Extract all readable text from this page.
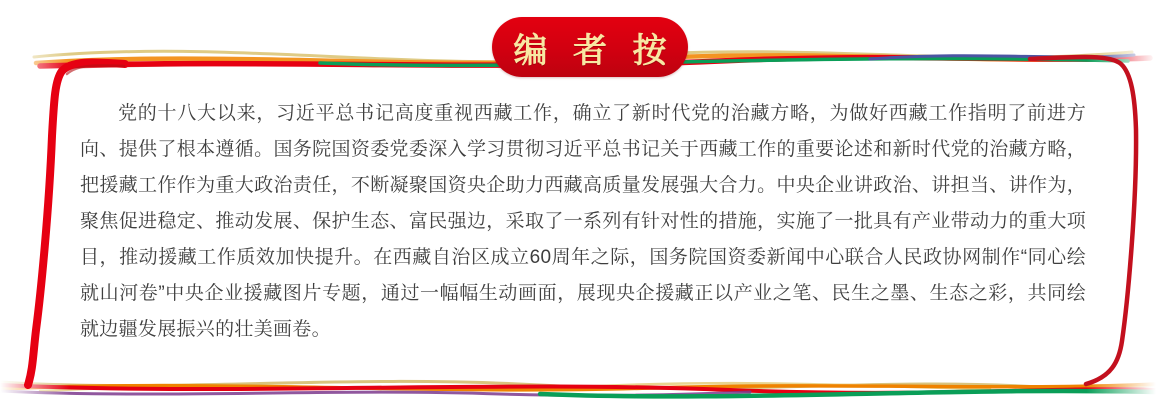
编 者 按

党的十八大以来，习近平总书记高度重视西藏工作，确立了新时代党的治藏方略，为做好西藏工作指明了前进方向、提供了根本遵循。国务院国资委党委深入学习贯彻习近平总书记关于西藏工作的重要论述和新时代党的治藏方略，把援藏工作作为重大政治责任，不断凝聚国资央企助力西藏高质量发展强大合力。中央企业讲政治、讲担当、讲作为，聚焦促进稳定、推动发展、保护生态、富民强边，采取了一系列有针对性的措施，实施了一批具有产业带动力的重大项目，推动援藏工作质效加快提升。在西藏自治区成立60周年之际，国务院国资委新闻中心联合人民政协网制作“同心绘就山河卷”中央企业援藏图片专题，通过一幅幅生动画面，展现央企援藏正以产业之笔、民生之墨、生态之彩，共同绘就边疆发展振兴的壮美画卷。
